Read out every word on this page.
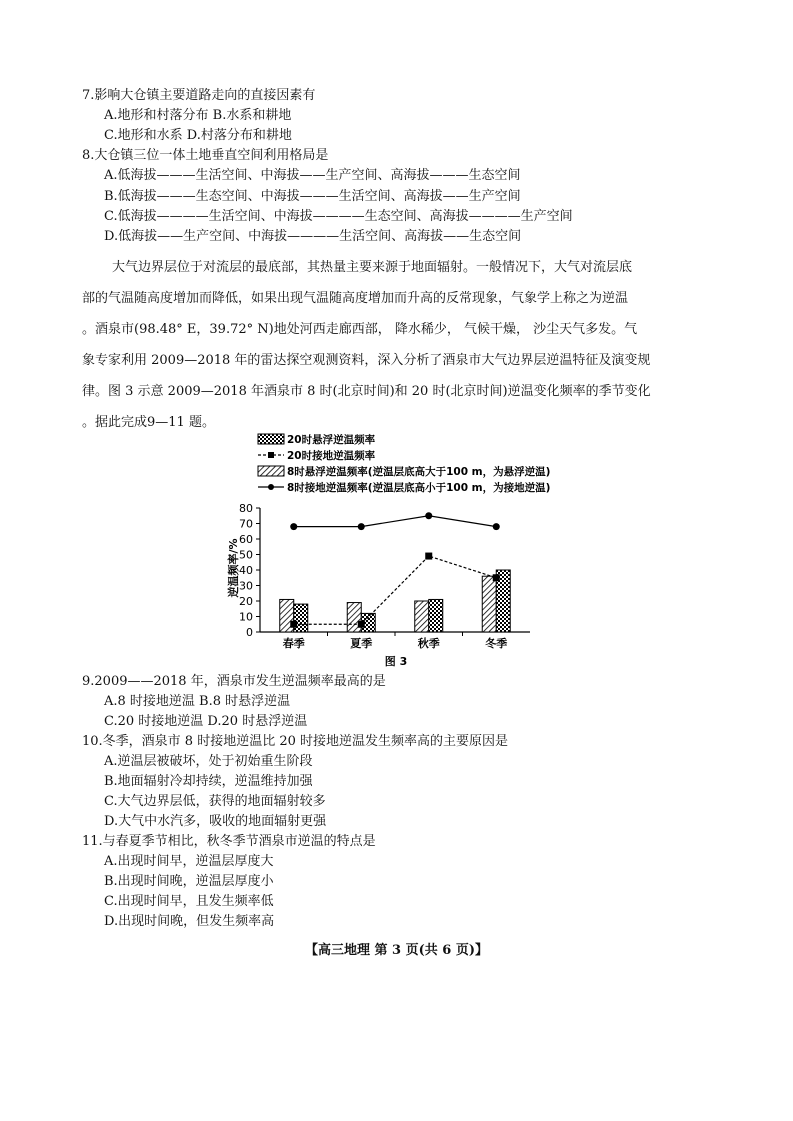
7.影响大仓镇主要道路走向的直接因素有
A.地形和村落分布 B.水系和耕地
C.地形和水系 D.村落分布和耕地
8.大仓镇三位一体土地垂直空间利用格局是
A.低海拔———生活空间、中海拔——生产空间、高海拔———生态空间
B.低海拔———生态空间、中海拔———生活空间、高海拔——生产空间
C.低海拔————生活空间、中海拔————生态空间、高海拔————生产空间
D.低海拔——生产空间、中海拔————生活空间、高海拔——生态空间

大气边界层位于对流层的最底部，其热量主要来源于地面辐射。一般情况下，大气对流层底

部的气温随高度增加而降低，如果出现气温随高度增加而升高的反常现象，气象学上称之为逆温

。酒泉市(98.48° E，39.72° N)地处河西走廊西部， 降水稀少， 气候干燥， 沙尘天气多发。气

象专家利用 2009—2018 年的雷达探空观测资料，深入分析了酒泉市大气边界层逆温特征及演变规

律。图 3 示意 2009—2018 年酒泉市 8 时(北京时间)和 20 时(北京时间)逆温变化频率的季节变化

。据此完成9—11 题。

20时悬浮逆温频率
20时接地逆温频率
8时悬浮逆温频率(逆温层底高大于100 m，为悬浮逆温)
8时接地逆温频率(逆温层底高小于100 m，为接地逆温)
0
10
20
30
40
50
60
70
80
春季	夏季	秋季	冬季
逆温频率/%
图 3
9.2009——2018 年，酒泉市发生逆温频率最高的是
A.8 时接地逆温 B.8 时悬浮逆温
C.20 时接地逆温 D.20 时悬浮逆温
10.冬季，酒泉市 8 时接地逆温比 20 时接地逆温发生频率高的主要原因是
A.逆温层被破坏，处于初始重生阶段
B.地面辐射冷却持续，逆温维持加强
C.大气边界层低，获得的地面辐射较多
D.大气中水汽多，吸收的地面辐射更强
11.与春夏季节相比，秋冬季节酒泉市逆温的特点是
A.出现时间早，逆温层厚度大
B.出现时间晚，逆温层厚度小
C.出现时间早，且发生频率低
D.出现时间晚，但发生频率高
【高三地理 第 3 页(共 6 页)】
